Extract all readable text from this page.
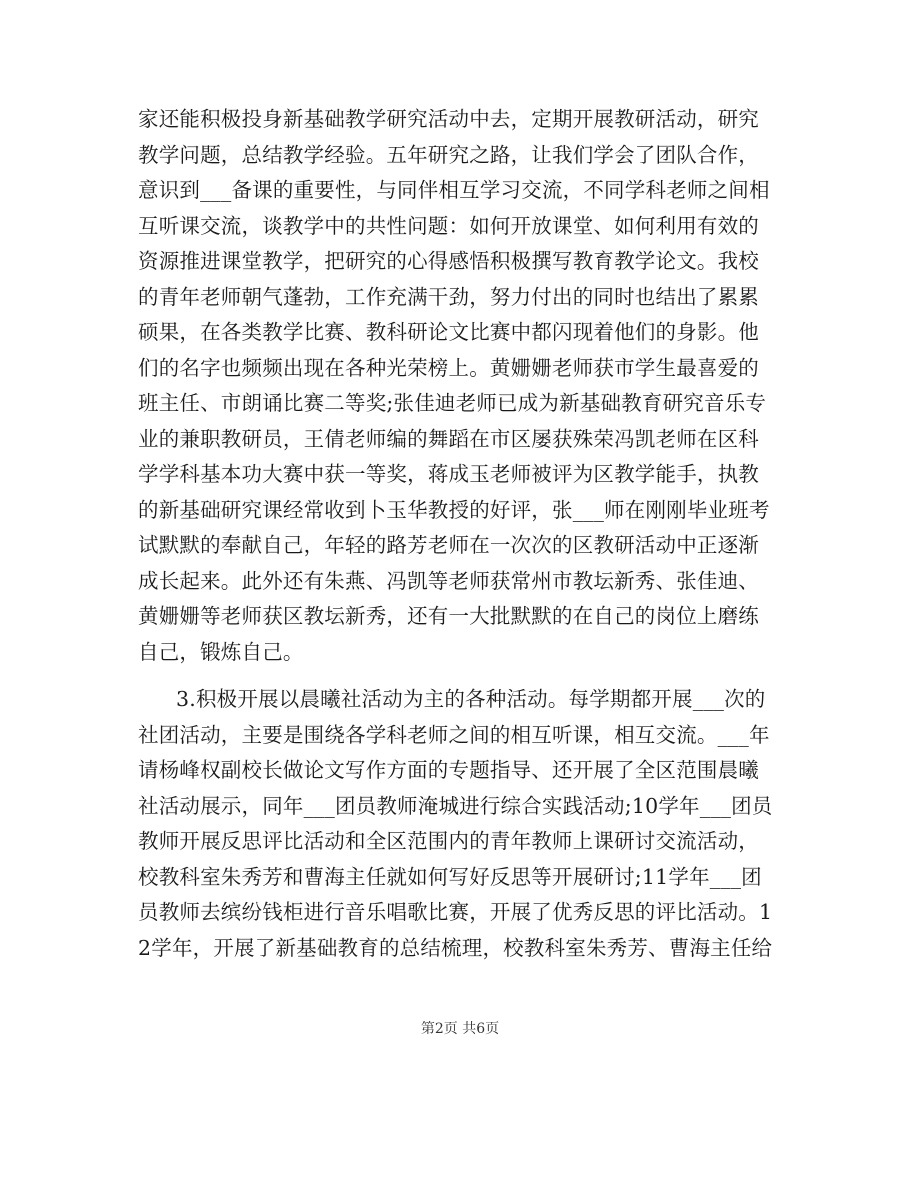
家还能积极投身新基础教学研究活动中去，定期开展教研活动，研究
教学问题，总结教学经验。五年研究之路，让我们学会了团队合作，
意识到___备课的重要性，与同伴相互学习交流，不同学科老师之间相
互听课交流，谈教学中的共性问题：如何开放课堂、如何利用有效的
资源推进课堂教学，把研究的心得感悟积极撰写教育教学论文。我校
的青年老师朝气蓬勃，工作充满干劲，努力付出的同时也结出了累累
硕果，在各类教学比赛、教科研论文比赛中都闪现着他们的身影。他
们的名字也频频出现在各种光荣榜上。黄姗姗老师获市学生最喜爱的
班主任、市朗诵比赛二等奖;张佳迪老师已成为新基础教育研究音乐专
业的兼职教研员，王倩老师编的舞蹈在市区屡获殊荣冯凯老师在区科
学学科基本功大赛中获一等奖，蒋成玉老师被评为区教学能手，执教
的新基础研究课经常收到卜玉华教授的好评，张___师在刚刚毕业班考
试默默的奉献自己，年轻的路芳老师在一次次的区教研活动中正逐渐
成长起来。此外还有朱燕、冯凯等老师获常州市教坛新秀、张佳迪、
黄姗姗等老师获区教坛新秀，还有一大批默默的在自己的岗位上磨练
自己，锻炼自己。
3.积极开展以晨曦社活动为主的各种活动。每学期都开展___次的
社团活动，主要是围绕各学科老师之间的相互听课，相互交流。___年
请杨峰权副校长做论文写作方面的专题指导、还开展了全区范围晨曦
社活动展示，同年___团员教师淹城进行综合实践活动;10学年___团员
教师开展反思评比活动和全区范围内的青年教师上课研讨交流活动，
校教科室朱秀芳和曹海主任就如何写好反思等开展研讨;11学年___团
员教师去缤纷钱柜进行音乐唱歌比赛，开展了优秀反思的评比活动。1
2学年，开展了新基础教育的总结梳理，校教科室朱秀芳、曹海主任给
第2页 共6页
